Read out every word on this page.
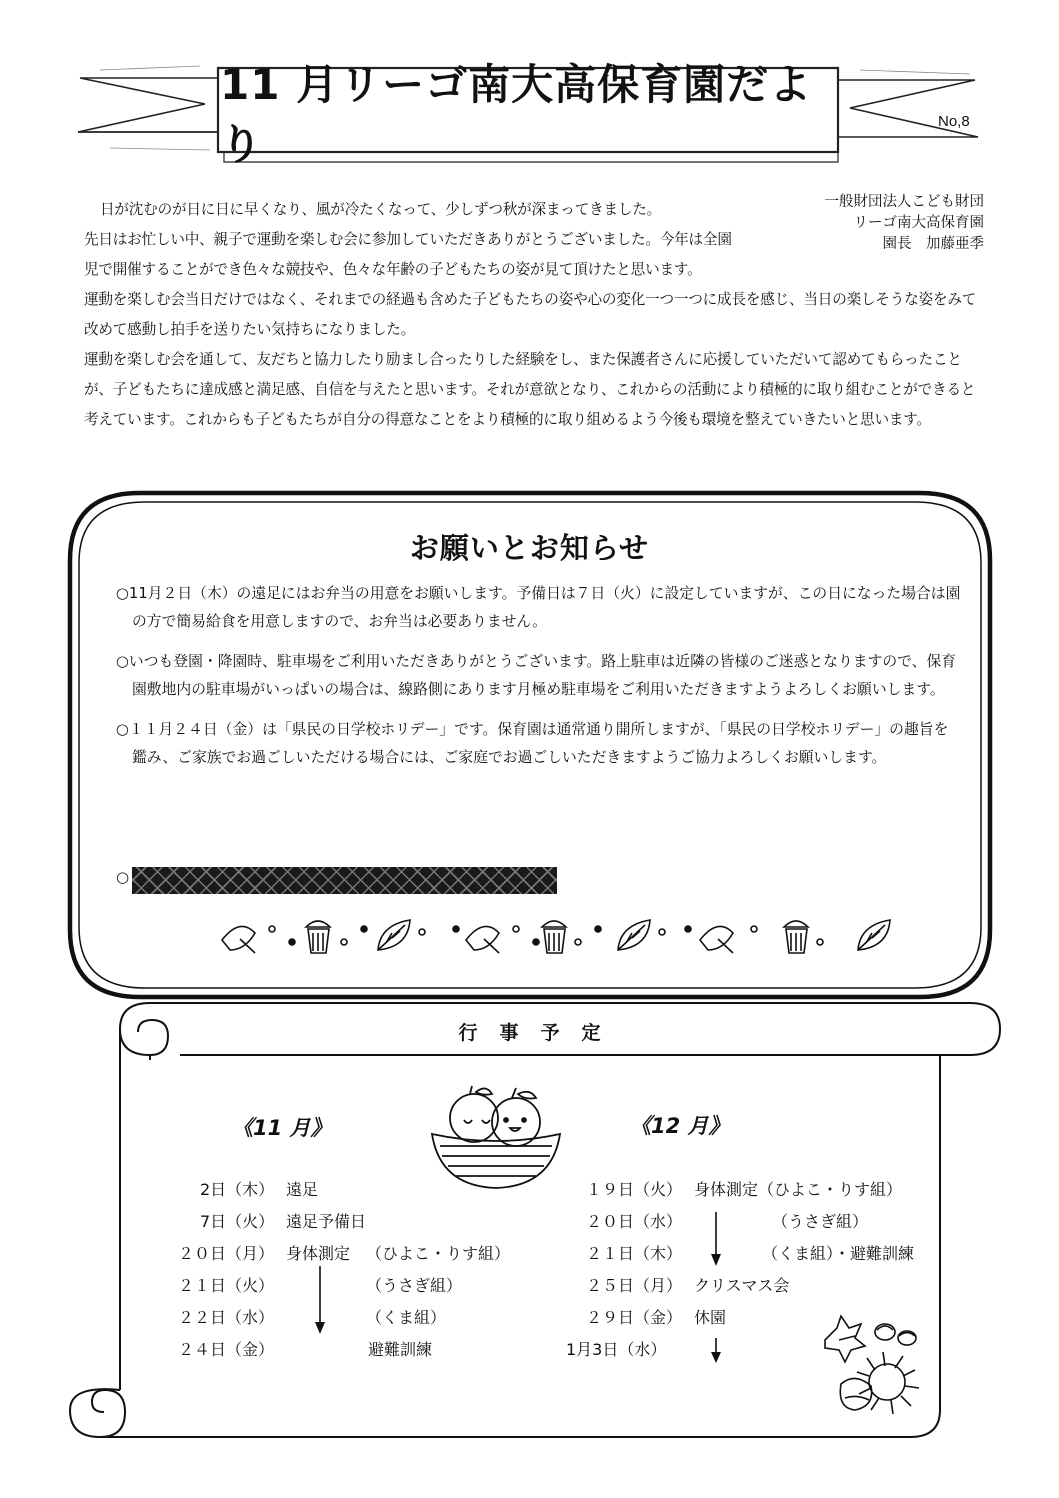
11 月リーゴ南大高保育園だより	No,8
一般財団法人こども財団
リーゴ南大高保育園
園長　加藤亜季

日が沈むのが日に日に早くなり、風が冷たくなって、少しずつ秋が深まってきました。

先日はお忙しい中、親子で運動を楽しむ会に参加していただきありがとうございました。今年は全園

児で開催することができ色々な競技や、色々な年齢の子どもたちの姿が見て頂けたと思います。

運動を楽しむ会当日だけではなく、それまでの経過も含めた子どもたちの姿や心の変化一つ一つに成長を感じ、当日の楽しそうな姿をみて改めて感動し拍手を送りたい気持ちになりました。

運動を楽しむ会を通して、友だちと協力したり励まし合ったりした経験をし、また保護者さんに応援していただいて認めてもらったことが、子どもたちに達成感と満足感、自信を与えたと思います。それが意欲となり、これからの活動により積極的に取り組むことができると考えています。これからも子どもたちが自分の得意なことをより積極的に取り組めるよう今後も環境を整えていきたいと思います。

お願いとお知らせ

○11月２日（木）の遠足にはお弁当の用意をお願いします。予備日は７日（火）に設定していますが、この日になった場合は園の方で簡易給食を用意しますので、お弁当は必要ありません。

○いつも登園・降園時、駐車場をご利用いただきありがとうございます。路上駐車は近隣の皆様のご迷惑となりますので、保育園敷地内の駐車場がいっぱいの場合は、線路側にあります月極め駐車場をご利用いただきますようよろしくお願いします。

○１１月２４日（金）は「県民の日学校ホリデー」です。保育園は通常通り開所しますが、「県民の日学校ホリデー」の趣旨を鑑み、ご家族でお過ごしいただける場合には、ご家庭でお過ごしいただきますようご協力よろしくお願いします。

○
行事予定
《11 月》	《12 月》
2日（木） 遠足
7日（火） 遠足予備日
２０日（月） 身体測定 （ひよこ・りす組）
２１日（火）	（うさぎ組）
２２日（水）	（くま組）
２４日（金）	避難訓練
１９日（火） 身体測定（ひよこ・りす組）
２０日（水）	（うさぎ組）
２１日（木）	（くま組）・避難訓練
２５日（月） クリスマス会
２９日（金） 休園
1月3日（水）
